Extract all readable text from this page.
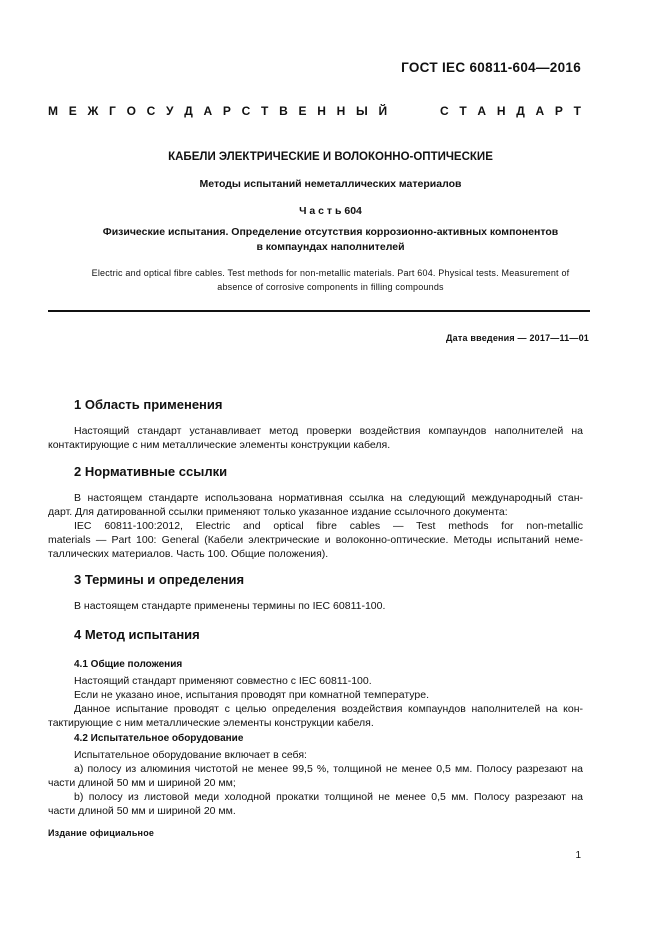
ГОСТ IEC 60811-604—2016
М Е Ж Г О С У Д А Р С Т В Е Н Н Ы Й

	С Т А Н Д А Р Т
КАБЕЛИ ЭЛЕКТРИЧЕСКИЕ И ВОЛОКОННО-ОПТИЧЕСКИЕ
Методы испытаний неметаллических материалов
Ч а с т ь 604
Физические испытания. Определение отсутствия коррозионно-активных компонентов
в компаундах наполнителей
Electric and optical fibre cables. Test methods for non-metallic materials. Part 604. Physical tests. Measurement of
absence of corrosive components in filling compounds
Дата введения — 2017—11—01
1 Область применения
Настоящий стандарт устанавливает метод проверки воздействия компаундов наполнителей на
контактирующие с ним металлические элементы конструкции кабеля.
2 Нормативные ссылки
В настоящем стандарте использована нормативная ссылка на следующий международный стан-
дарт. Для датированной ссылки применяют только указанное издание ссылочного документа:
IEC 60811-100:2012, Electric and optical fibre cables — Test methods for non-metallic
materials — Part 100: General (Кабели электрические и волоконно-оптические. Методы испытаний неме-
таллических материалов. Часть 100. Общие положения).
3 Термины и определения
В настоящем стандарте применены термины по IEC 60811-100.
4 Метод испытания
4.1 Общие положения
Настоящий стандарт применяют совместно с IEC 60811-100.
Если не указано иное, испытания проводят при комнатной температуре.
Данное испытание проводят с целью определения воздействия компаундов наполнителей на кон-
тактирующие с ним металлические элементы конструкции кабеля.
4.2 Испытательное оборудование
Испытательное оборудование включает в себя:
а) полосу из алюминия чистотой не менее 99,5 %, толщиной не менее 0,5 мм. Полосу разрезают на
части длиной 50 мм и шириной 20 мм;
b) полосу из листовой меди холодной прокатки толщиной не менее 0,5 мм. Полосу разрезают на
части длиной 50 мм и шириной 20 мм.
Издание официальное
1
